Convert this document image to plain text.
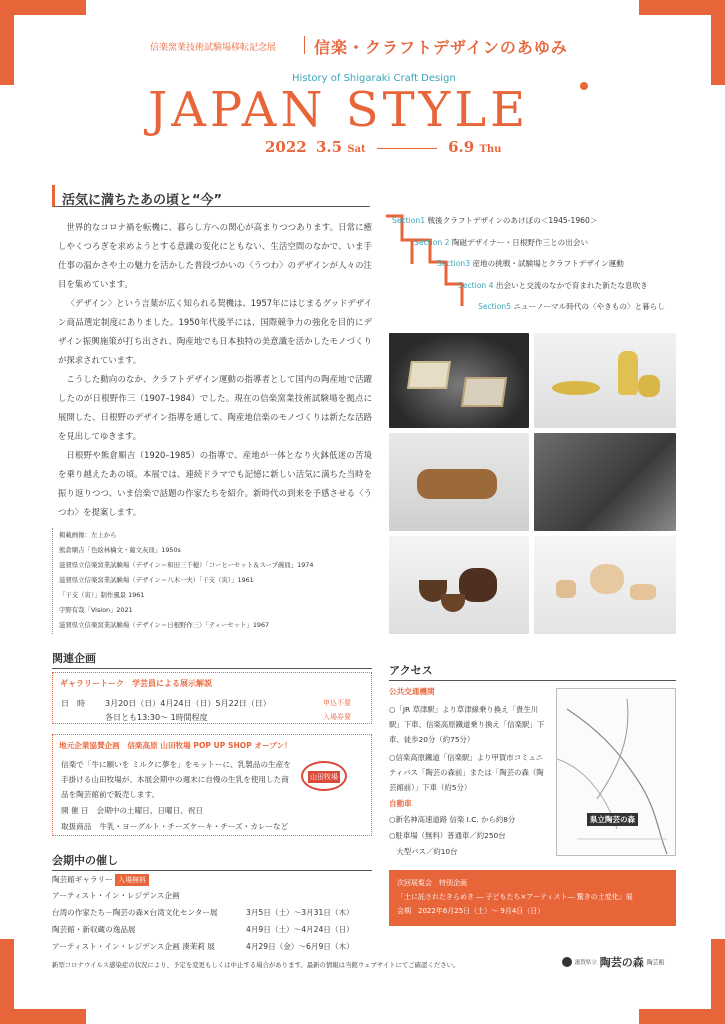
信楽窯業技術試験場移転記念展 信楽・クラフトデザインのあゆみ
History of Shigaraki Craft Design
JAPAN STYLE
2022 3.5 Sat	6.9 Thu
活気に満ちたあの頃と“今”

世界的なコロナ禍を転機に、暮らし方への関心が高まりつつあります。日常に癒しやくつろぎを求めようとする意識の変化にともない、生活空間のなかで、いま手仕事の温かさや土の魅力を活かした普段づかいの〈うつわ〉のデザインが人々の注目を集めています。

〈デザイン〉という言葉が広く知られる契機は、1957年にはじまるグッドデザイン商品選定制度にありました。1950年代後半には、国際競争力の強化を目的にデザイン振興施策が打ち出され、陶産地でも日本独特の美意識を活かしたモノづくりが探求されています。

こうした動向のなか、クラフトデザイン運動の指導者として国内の陶産地で活躍したのが日根野作三（1907–1984）でした。現在の信楽窯業技術試験場を拠点に展開した、日根野のデザイン指導を通して、陶産地信楽のモノづくりは新たな活路を見出してゆきます。

日根野や熊倉順吉（1920–1985）の指導で、産地が一体となり火鉢低迷の苦境を乗り越えたあの頃。本展では、連続ドラマでも記憶に新しい活気に満ちた当時を振り返りつつ、いま信楽で話題の作家たちを紹介。新時代の到来を予感させる〈うつわ〉を提案します。

掲載画像：左上から
熊倉順吉「色絵林檎文・葡文灰皿」1950s
滋賀県立信楽窯業試験場（デザイン＝和田三千穂）「コーヒーセット＆スープ碗皿」1974
滋賀県立信楽窯業試験場（デザイン＝八木一夫）「干支（寅）」1961
「干支（寅）」制作風景 1961
宇野有哉「Vision」2021
滋賀県立信楽窯業試験場（デザイン＝日根野作三）「ティーセット」1967
Section1 戦後クラフトデザインのあけぼの＜1945-1960＞
Section 2 陶磁デザイナー・日根野作三との出会い
Section3 産地の挑戦・試験場とクラフトデザイン運動
Section 4 出会いと交流のなかで育まれた新たな息吹き
Section5 ニューノーマル時代の〈やきもの〉と暮らし
関連企画
ギャラリートーク　学芸員による展示解説
日　時	3月20日（日）4月24日（日）5月22日（日）
各日とも13:30～ 1時間程度
申込不要
入場券要
地元企業協賛企画　信楽高原 山田牧場 POP UP SHOP オープン！
信楽で「牛に願いを ミルクに夢を」をモットーに、乳製品の生産を手掛ける山田牧場が、本展会期中の週末に自慢の生乳を使用した商品を陶芸館前で販売します。
山田牧場
開 催 日 会期中の土曜日、日曜日、祝日
取扱商品 牛乳・ヨーグルト・チーズケーキ・チーズ・カレーなど
会期中の催し
陶芸館ギャラリー 入場無料
アーティスト・イン・レジデンス企画
台湾の作家たち－陶芸の森×台湾文化センター展	3月5日（土）～3月31日（木）
陶芸館・新収蔵の逸品展	4月9日（土）～4月24日（日）
アーティスト・イン・レジデンス企画 湊茉莉 展	4月29日（金）～6月9日（木）
アクセス
公共交通機関
○「JR 草津駅」より草津線乗り換え「貴生川駅」下車、信楽高原鐵道乗り換え「信楽駅」下車、徒歩20分（約75分）
○信楽高原鐵道「信楽駅」より甲賀市コミュニティバス「陶芸の森前」または「陶芸の森（陶芸館前）」下車（約5分）
自動車
○新名神高速道路 信楽 I.C. から約8分
○駐車場（無料）普通車／約250台
　大型バス／約10台
県立陶芸の森
次回展覧会　特別企画
「土に託されたきらめき ― 子どもたち×アーティスト― 驚きの土変化」展
会期　2022年6月25日（土）～ 9月4日（日）
新型コロナウイルス感染症の状況により、予定を変更もしくは中止する場合があります。最新の情報は当館ウェブサイトにてご確認ください。	滋賀県立 陶芸の森 陶芸館
